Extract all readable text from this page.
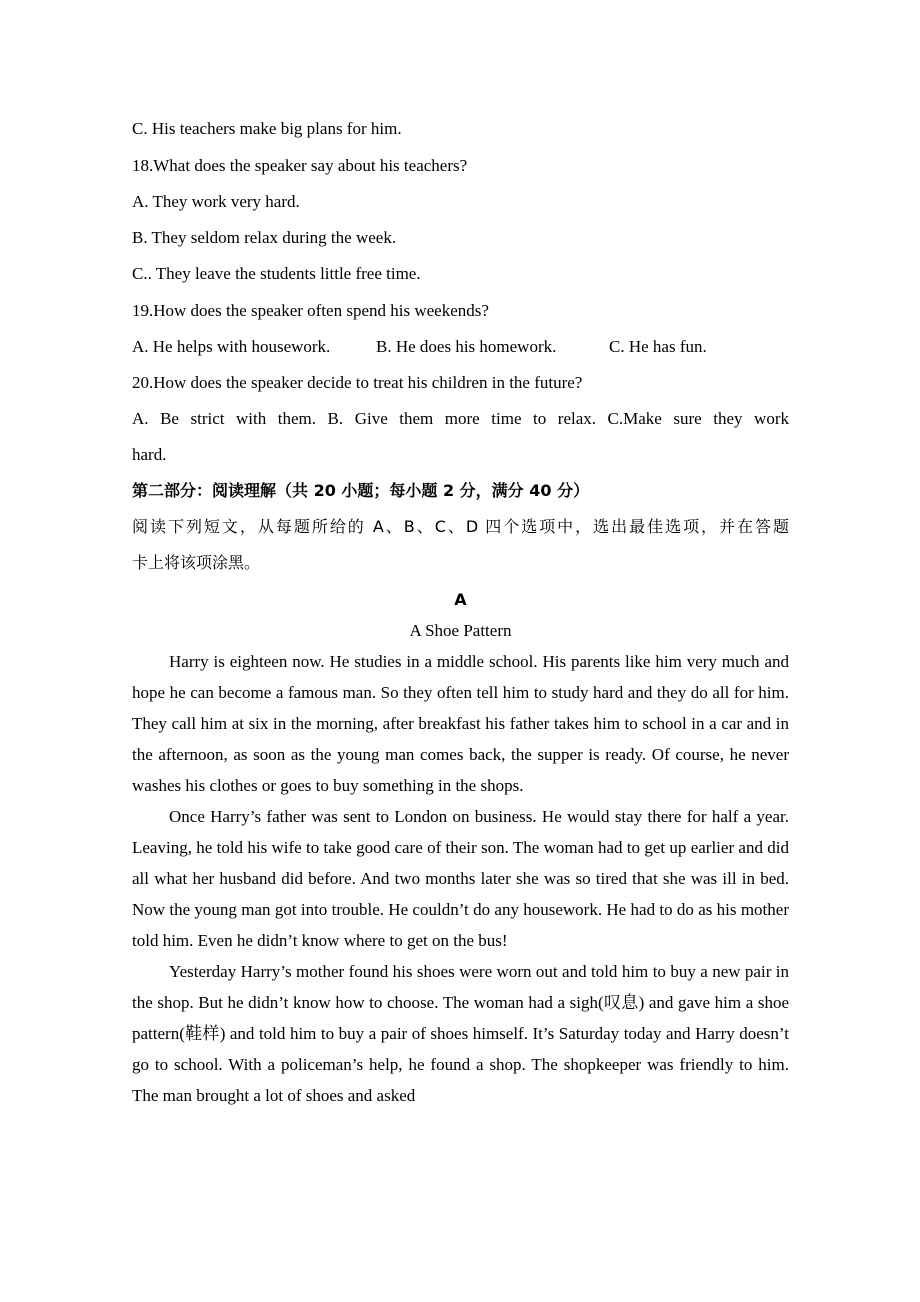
C. His teachers make big plans for him.
18.What does the speaker say about his teachers?
A. They work very hard.
B. They seldom relax during the week.
C.. They leave the students little free time.
19.How does the speaker often spend his weekends?
A. He helps with housework.	B. He does his homework.	C. He has fun.
20.How does the speaker decide to treat his children in the future?
A. Be strict with them. B. Give them more time to relax. C.Make sure they work
hard.
第二部分：阅读理解（共 20 小题；每小题 2 分，满分 40 分）
阅读下列短文，从每题所给的 A、B、C、D 四个选项中，选出最佳选项，并在答题
卡上将该项涂黑。
A
A Shoe Pattern

Harry is eighteen now. He studies in a middle school. His parents like him very much and hope he can become a famous man. So they often tell him to study hard and they do all for him. They call him at six in the morning, after breakfast his father takes him to school in a car and in the afternoon, as soon as the young man comes back, the supper is ready. Of course, he never washes his clothes or goes to buy something in the shops.

Once Harry’s father was sent to London on business. He would stay there for half a year. Leaving, he told his wife to take good care of their son. The woman had to get up earlier and did all what her husband did before. And two months later she was so tired that she was ill in bed. Now the young man got into trouble. He couldn’t do any housework. He had to do as his mother told him. Even he didn’t know where to get on the bus!

Yesterday Harry’s mother found his shoes were worn out and told him to buy a new pair in the shop. But he didn’t know how to choose. The woman had a sigh(叹息) and gave him a shoe pattern(鞋样) and told him to buy a pair of shoes himself. It’s Saturday today and Harry doesn’t go to school. With a policeman’s help, he found a shop. The shopkeeper was friendly to him. The man brought a lot of shoes and asked
